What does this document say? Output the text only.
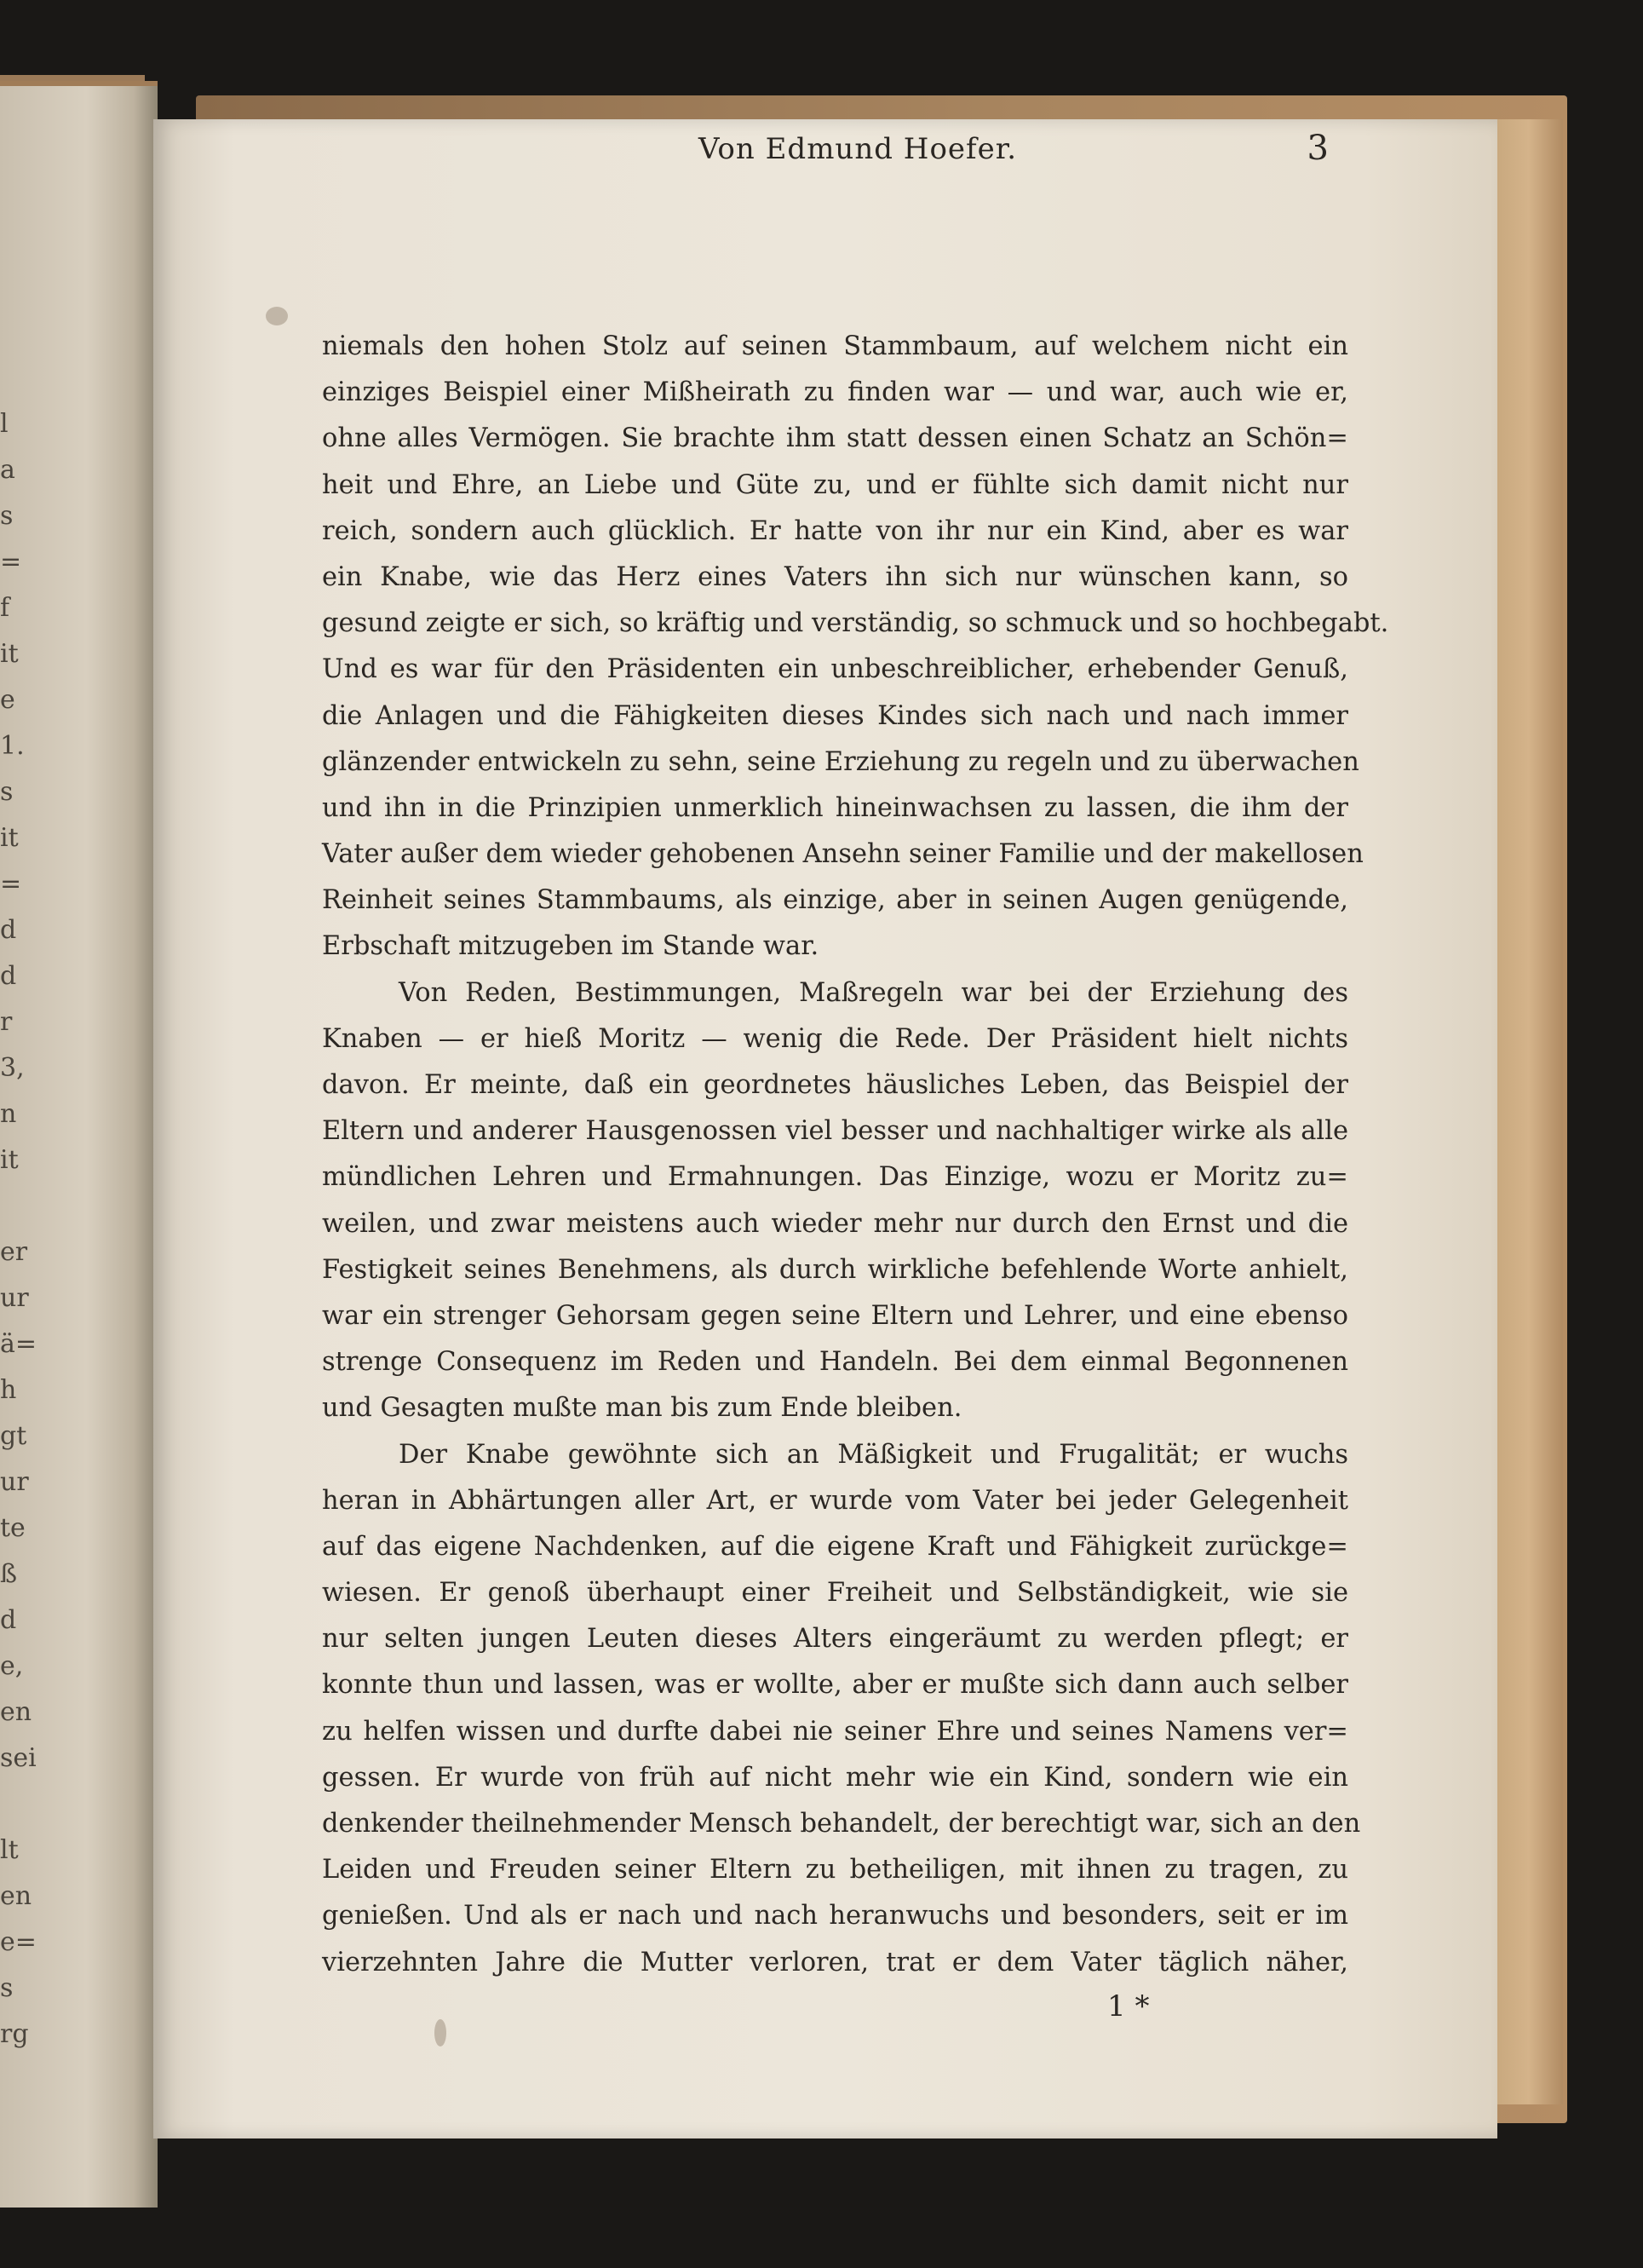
l
a
s
=
f
it
e
1.
s
it
=
d
d
r
3,
n
it
er
ur
ä=
h
gt
ur
te
ß
d
e,
en
sei
lt
en
e=
s
rg
Von Edmund Hoefer.	3
niemals den hohen Stolz auf seinen Stammbaum, auf welchem nicht ein
einziges Beispiel einer Mißheirath zu finden war — und war, auch wie er,
ohne alles Vermögen. Sie brachte ihm statt dessen einen Schatz an Schön=
heit und Ehre, an Liebe und Güte zu, und er fühlte sich damit nicht nur
reich, sondern auch glücklich. Er hatte von ihr nur ein Kind, aber es war
ein Knabe, wie das Herz eines Vaters ihn sich nur wünschen kann, so
gesund zeigte er sich, so kräftig und verständig, so schmuck und so hochbegabt.
Und es war für den Präsidenten ein unbeschreiblicher, erhebender Genuß,
die Anlagen und die Fähigkeiten dieses Kindes sich nach und nach immer
glänzender entwickeln zu sehn, seine Erziehung zu regeln und zu überwachen
und ihn in die Prinzipien unmerklich hineinwachsen zu lassen, die ihm der
Vater außer dem wieder gehobenen Ansehn seiner Familie und der makellosen
Reinheit seines Stammbaums, als einzige, aber in seinen Augen genügende,
Erbschaft mitzugeben im Stande war.
Von Reden, Bestimmungen, Maßregeln war bei der Erziehung des
Knaben — er hieß Moritz — wenig die Rede. Der Präsident hielt nichts
davon. Er meinte, daß ein geordnetes häusliches Leben, das Beispiel der
Eltern und anderer Hausgenossen viel besser und nachhaltiger wirke als alle
mündlichen Lehren und Ermahnungen. Das Einzige, wozu er Moritz zu=
weilen, und zwar meistens auch wieder mehr nur durch den Ernst und die
Festigkeit seines Benehmens, als durch wirkliche befehlende Worte anhielt,
war ein strenger Gehorsam gegen seine Eltern und Lehrer, und eine ebenso
strenge Consequenz im Reden und Handeln. Bei dem einmal Begonnenen
und Gesagten mußte man bis zum Ende bleiben.
Der Knabe gewöhnte sich an Mäßigkeit und Frugalität; er wuchs
heran in Abhärtungen aller Art, er wurde vom Vater bei jeder Gelegenheit
auf das eigene Nachdenken, auf die eigene Kraft und Fähigkeit zurückge=
wiesen. Er genoß überhaupt einer Freiheit und Selbständigkeit, wie sie
nur selten jungen Leuten dieses Alters eingeräumt zu werden pflegt; er
konnte thun und lassen, was er wollte, aber er mußte sich dann auch selber
zu helfen wissen und durfte dabei nie seiner Ehre und seines Namens ver=
gessen. Er wurde von früh auf nicht mehr wie ein Kind, sondern wie ein
denkender theilnehmender Mensch behandelt, der berechtigt war, sich an den
Leiden und Freuden seiner Eltern zu betheiligen, mit ihnen zu tragen, zu
genießen. Und als er nach und nach heranwuchs und besonders, seit er im
vierzehnten Jahre die Mutter verloren, trat er dem Vater täglich näher,
1 *
